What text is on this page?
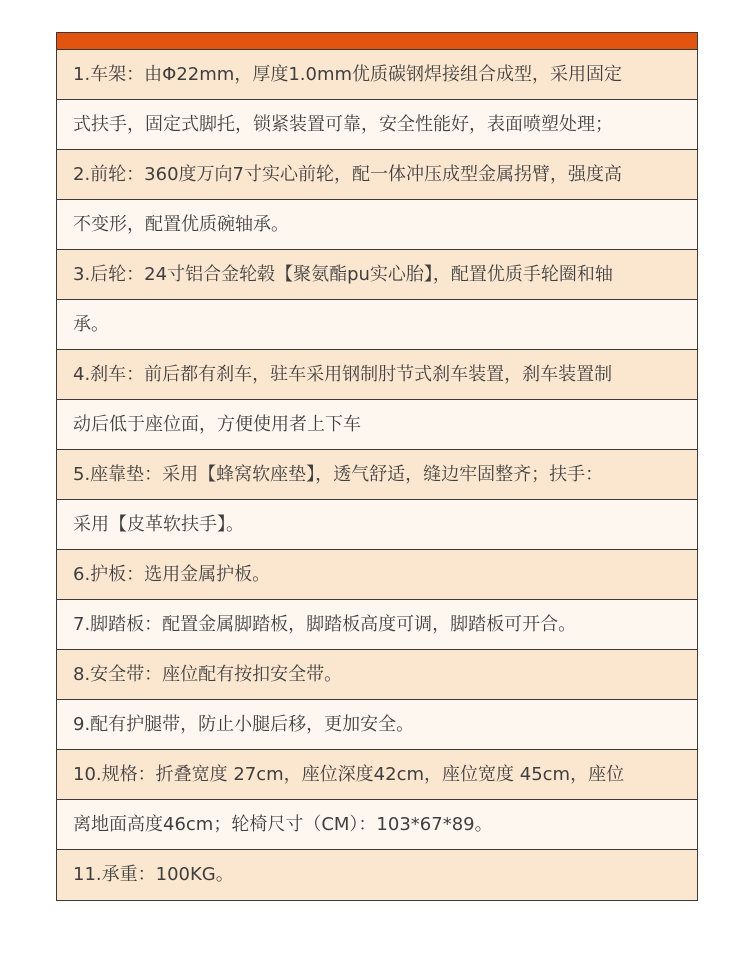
1.车架：由Φ22mm，厚度1.0mm优质碳钢焊接组合成型，采用固定
式扶手，固定式脚托，锁紧装置可靠，安全性能好，表面喷塑处理；
2.前轮：360度万向7寸实心前轮，配一体冲压成型金属拐臂，强度高
不变形，配置优质碗轴承。
3.后轮：24寸铝合金轮毂【聚氨酯pu实心胎】，配置优质手轮圈和轴
承。
4.刹车：前后都有刹车，驻车采用钢制肘节式刹车装置，刹车装置制
动后低于座位面，方便使用者上下车
5.座靠垫：采用【蜂窝软座垫】，透气舒适，缝边牢固整齐；扶手：
采用【皮革软扶手】。
6.护板：选用金属护板。
7.脚踏板：配置金属脚踏板，脚踏板高度可调，脚踏板可开合。
8.安全带：座位配有按扣安全带。
9.配有护腿带，防止小腿后移，更加安全。
10.规格：折叠宽度 27cm，座位深度42cm，座位宽度 45cm，座位
离地面高度46cm；轮椅尺寸（CM）：103*67*89。
11.承重：100KG。
